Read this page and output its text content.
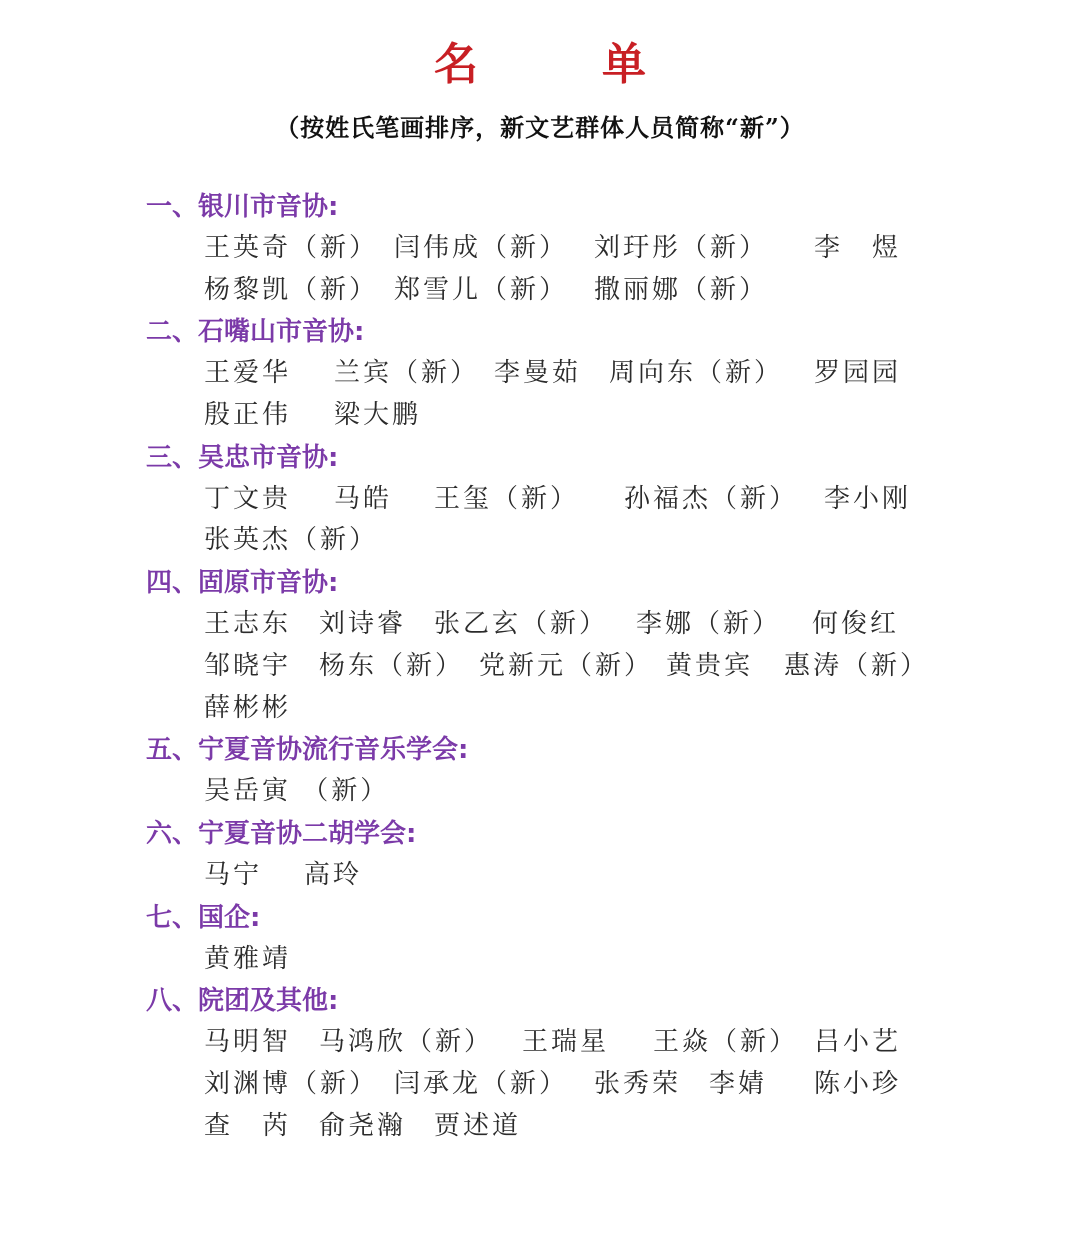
名　单
（按姓氏笔画排序，新文艺群体人员简称“新”）
一、银川市音协:
王英奇（新） 闫伟成（新） 刘玗彤（新） 李　煜
杨黎凯（新） 郑雪儿（新） 撒丽娜（新）
二、石嘴山市音协:
王爱华 兰宾（新） 李曼茹 周向东（新） 罗园园
殷正伟 梁大鹏
三、吴忠市音协:
丁文贵 马皓 王玺（新） 孙福杰（新） 李小刚
张英杰（新）
四、固原市音协:
王志东 刘诗睿 张乙玄（新） 李娜（新） 何俊红
邹晓宇 杨东（新） 党新元（新） 黄贵宾 惠涛（新）
薛彬彬
五、宁夏音协流行音乐学会:
吴岳寅 （新）
六、宁夏音协二胡学会:
马宁 高玲
七、国企:
黄雅靖
八、院团及其他:
马明智 马鸿欣（新） 王瑞星 王焱（新） 吕小艺
刘渊博（新） 闫承龙（新） 张秀荣 李婧 陈小珍
查　芮 俞尧瀚 贾述道
